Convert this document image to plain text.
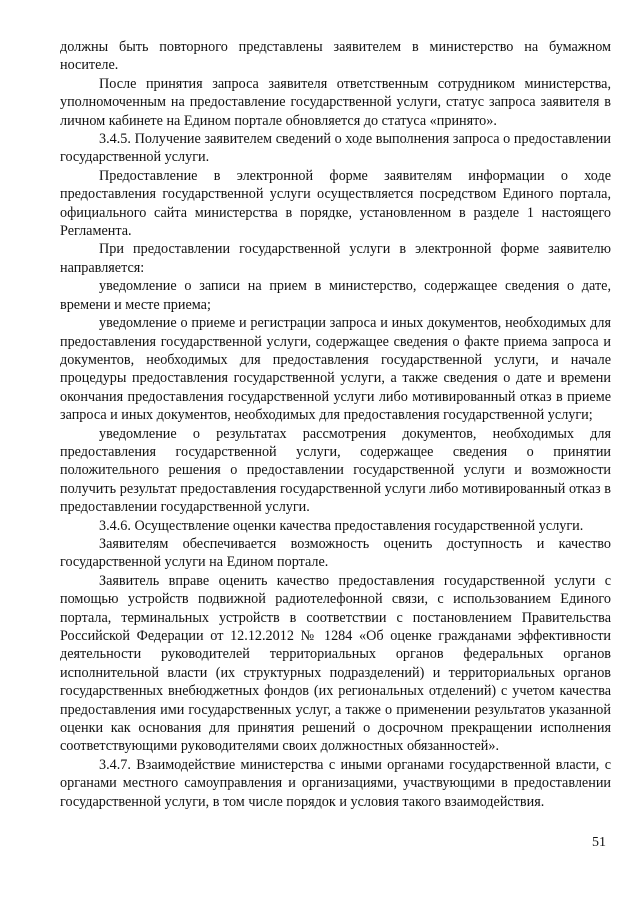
должны быть повторного представлены заявителем в министерство на бумажном носителе.

После принятия запроса заявителя ответственным сотрудником министерства, уполномоченным на предоставление государственной услуги, статус запроса заявителя в личном кабинете на Едином портале обновляется до статуса «принято».

3.4.5. Получение заявителем сведений о ходе выполнения запроса о предоставлении государственной услуги.

Предоставление в электронной форме заявителям информации о ходе предоставления государственной услуги осуществляется посредством Единого портала, официального сайта министерства в порядке, установленном в разделе 1 настоящего Регламента.

При предоставлении государственной услуги в электронной форме заявителю направляется:

уведомление о записи на прием в министерство, содержащее сведения о дате, времени и месте приема;

уведомление о приеме и регистрации запроса и иных документов, необходимых для предоставления государственной услуги, содержащее сведения о факте приема запроса и документов, необходимых для предоставления государственной услуги, и начале процедуры предоставления государственной услуги, а также сведения о дате и времени окончания предоставления государственной услуги либо мотивированный отказ в приеме запроса и иных документов, необходимых для предоставления государственной услуги;

уведомление о результатах рассмотрения документов, необходимых для предоставления государственной услуги, содержащее сведения о принятии положительного решения о предоставлении государственной услуги и возможности получить результат предоставления государственной услуги либо мотивированный отказ в предоставлении государственной услуги.

3.4.6. Осуществление оценки качества предоставления государственной услуги.

Заявителям обеспечивается возможность оценить доступность и качество государственной услуги на Едином портале.

Заявитель вправе оценить качество предоставления государственной услуги с помощью устройств подвижной радиотелефонной связи, с использованием Единого портала, терминальных устройств в соответствии с постановлением Правительства Российской Федерации от 12.12.2012 № 1284 «Об оценке гражданами эффективности деятельности руководителей территориальных органов федеральных органов исполнительной власти (их структурных подразделений) и территориальных органов государственных внебюджетных фондов (их региональных отделений) с учетом качества предоставления ими государственных услуг, а также о применении результатов указанной оценки как основания для принятия решений о досрочном прекращении исполнения соответствующими руководителями своих должностных обязанностей».

3.4.7. Взаимодействие министерства с иными органами государственной власти, с органами местного самоуправления и организациями, участвующими в предоставлении государственной услуги, в том числе порядок и условия такого взаимодействия.

51
